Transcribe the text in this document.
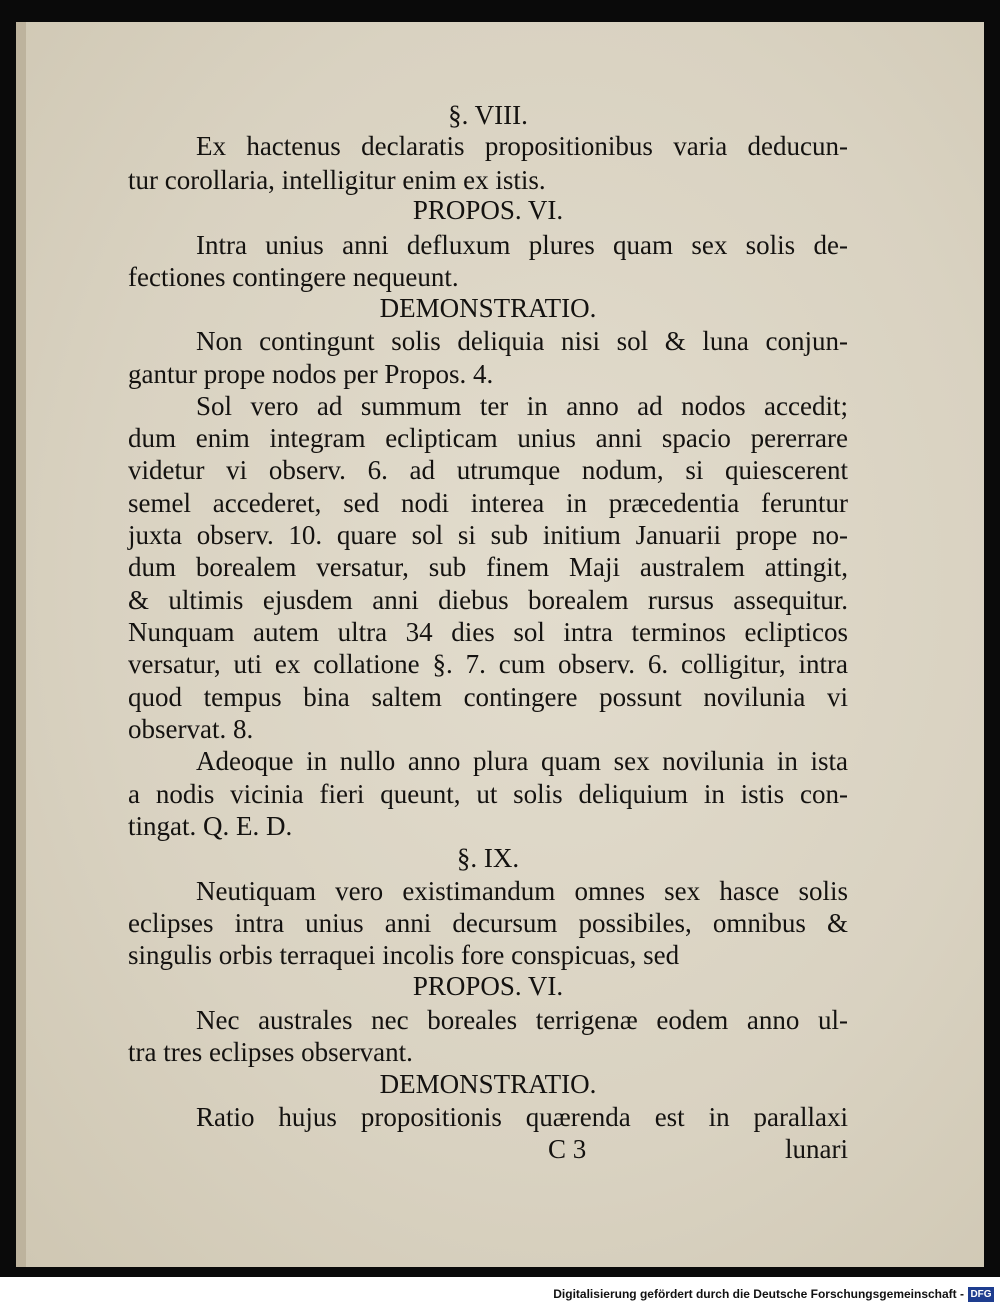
§. VIII.
Ex hactenus declaratis propositionibus varia deducun-
tur corollaria, intelligitur enim ex istis.
PROPOS. VI.
Intra unius anni defluxum plures quam sex solis de-
fectiones contingere nequeunt.
DEMONSTRATIO.
Non contingunt solis deliquia nisi sol & luna conjun-
gantur prope nodos per Propos. 4.
Sol vero ad summum ter in anno ad nodos accedit;
dum enim integram eclipticam unius anni spacio pererrare
videtur vi observ. 6. ad utrumque nodum, si quiescerent
semel accederet, sed nodi interea in præcedentia feruntur
juxta observ. 10. quare sol si sub initium Januarii prope no-
dum borealem versatur, sub finem Maji australem attingit,
& ultimis ejusdem anni diebus borealem rursus assequitur.
Nunquam autem ultra 34 dies sol intra terminos eclipticos
versatur, uti ex collatione §. 7. cum observ. 6. colligitur, intra
quod tempus bina saltem contingere possunt novilunia vi
observat. 8.
Adeoque in nullo anno plura quam sex novilunia in ista
a nodis vicinia fieri queunt, ut solis deliquium in istis con-
tingat. Q. E. D.
§. IX.
Neutiquam vero existimandum omnes sex hasce solis
eclipses intra unius anni decursum possibiles, omnibus &
singulis orbis terraquei incolis fore conspicuas, sed
PROPOS. VI.
Nec australes nec boreales terrigenæ eodem anno ul-
tra tres eclipses observant.
DEMONSTRATIO.
Ratio hujus propositionis quærenda est in parallaxi
C 3	lunari
Digitalisierung gefördert durch die Deutsche Forschungsgemeinschaft - DFG
